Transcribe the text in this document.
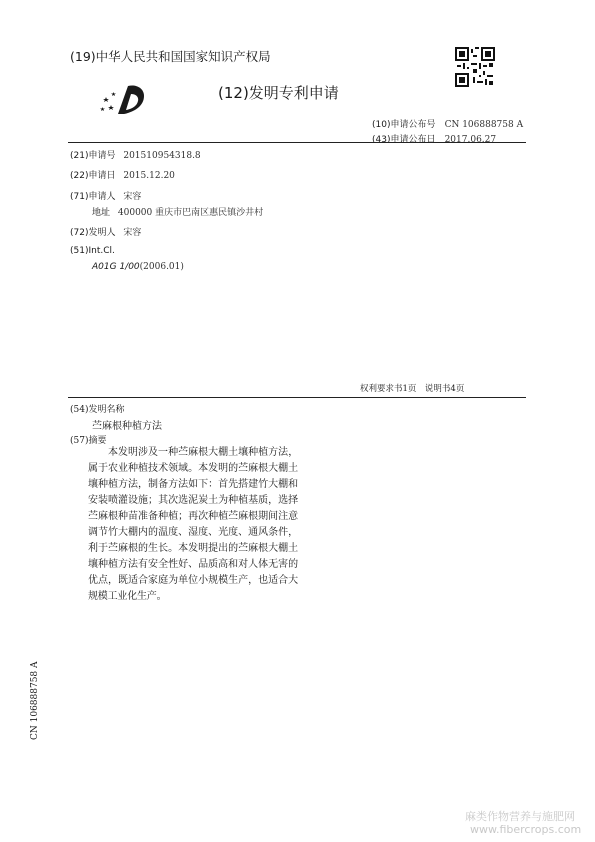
(19)中华人民共和国国家知识产权局
(12)发明专利申请
(10)申请公布号 CN 106888758 A
(43)申请公布日 2017.06.27
(21)申请号 201510954318.8
(22)申请日 2015.12.20
(71)申请人 宋容
地址 400000 重庆市巴南区惠民镇沙井村
(72)发明人 宋容
(51)Int.Cl.
A01G 1/00(2006.01)
权利要求书1页　说明书4页
(54)发明名称
苎麻根种植方法
(57)摘要
本发明涉及一种苎麻根大棚土壤种植方法，属于农业种植技术领域。本发明的苎麻根大棚土壤种植方法，制备方法如下：首先搭建竹大棚和安装喷灌设施；其次选泥炭土为种植基质，选择苎麻根种苗准备种植；再次种植苎麻根期间注意调节竹大棚内的温度、湿度、光度、通风条件，利于苎麻根的生长。本发明提出的苎麻根大棚土壤种植方法有安全性好、品质高和对人体无害的优点，既适合家庭为单位小规模生产，也适合大规模工业化生产。
CN 106888758 A
麻类作物营养与施肥网
www.fibercrops.com
